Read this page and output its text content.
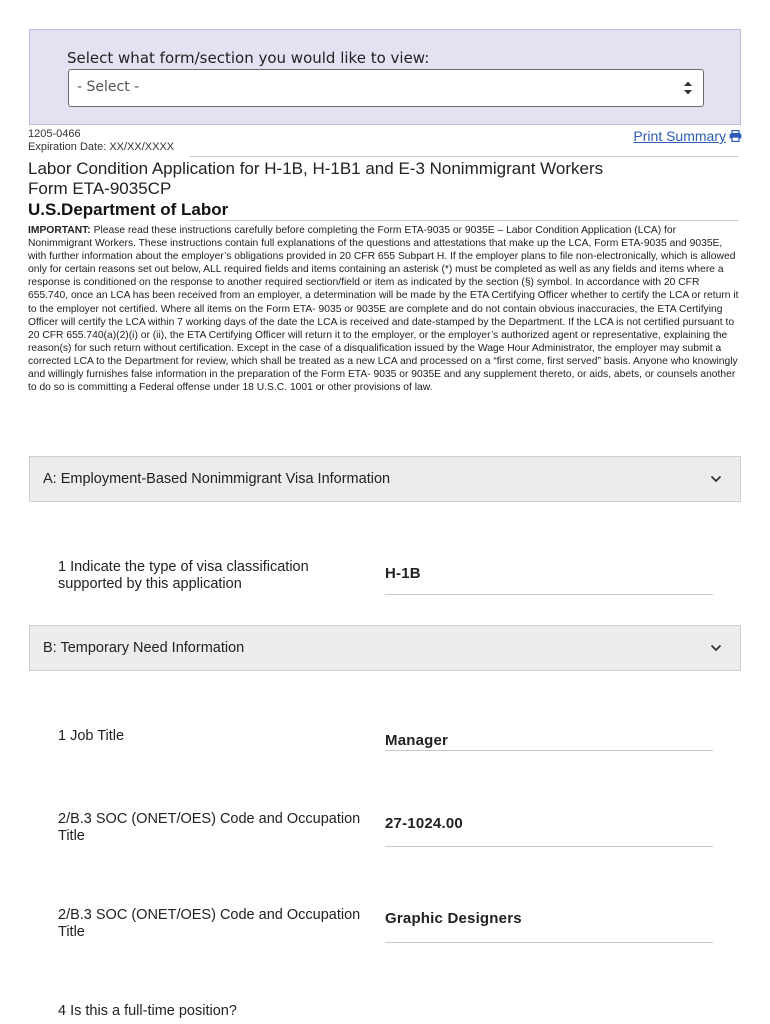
Select what form/section you would like to view:
- Select -
1205-0466
Expiration Date: XX/XX/XXXX
Print Summary
Labor Condition Application for H-1B, H-1B1 and E-3 Nonimmigrant Workers
Form ETA-9035CP
U.S.Department of Labor
IMPORTANT: Please read these instructions carefully before completing the Form ETA-9035 or 9035E – Labor Condition Application (LCA) for Nonimmigrant Workers. These instructions contain full explanations of the questions and attestations that make up the LCA, Form ETA-9035 and 9035E, with further information about the employer’s obligations provided in 20 CFR 655 Subpart H. If the employer plans to file non-electronically, which is allowed only for certain reasons set out below, ALL required fields and items containing an asterisk (*) must be completed as well as any fields and items where a response is conditioned on the response to another required section/field or item as indicated by the section (§) symbol. In accordance with 20 CFR 655.740, once an LCA has been received from an employer, a determination will be made by the ETA Certifying Officer whether to certify the LCA or return it to the employer not certified. Where all items on the Form ETA- 9035 or 9035E are complete and do not contain obvious inaccuracies, the ETA Certifying Officer will certify the LCA within 7 working days of the date the LCA is received and date-stamped by the Department. If the LCA is not certified pursuant to 20 CFR 655.740(a)(2)(i) or (ii), the ETA Certifying Officer will return it to the employer, or the employer’s authorized agent or representative, explaining the reason(s) for such return without certification. Except in the case of a disqualification issued by the Wage Hour Administrator, the employer may submit a corrected LCA to the Department for review, which shall be treated as a new LCA and processed on a “first come, first served” basis. Anyone who knowingly and willingly furnishes false information in the preparation of the Form ETA- 9035 or 9035E and any supplement thereto, or aids, abets, or counsels another to do so is committing a Federal offense under 18 U.S.C. 1001 or other provisions of law.
A: Employment-Based Nonimmigrant Visa Information
1 Indicate the type of visa classification supported by this application
H-1B
B: Temporary Need Information
1 Job Title	Manager
2/B.3 SOC (ONET/OES) Code and Occupation Title
27-1024.00
2/B.3 SOC (ONET/OES) Code and Occupation Title
Graphic Designers
4 Is this a full-time position?
